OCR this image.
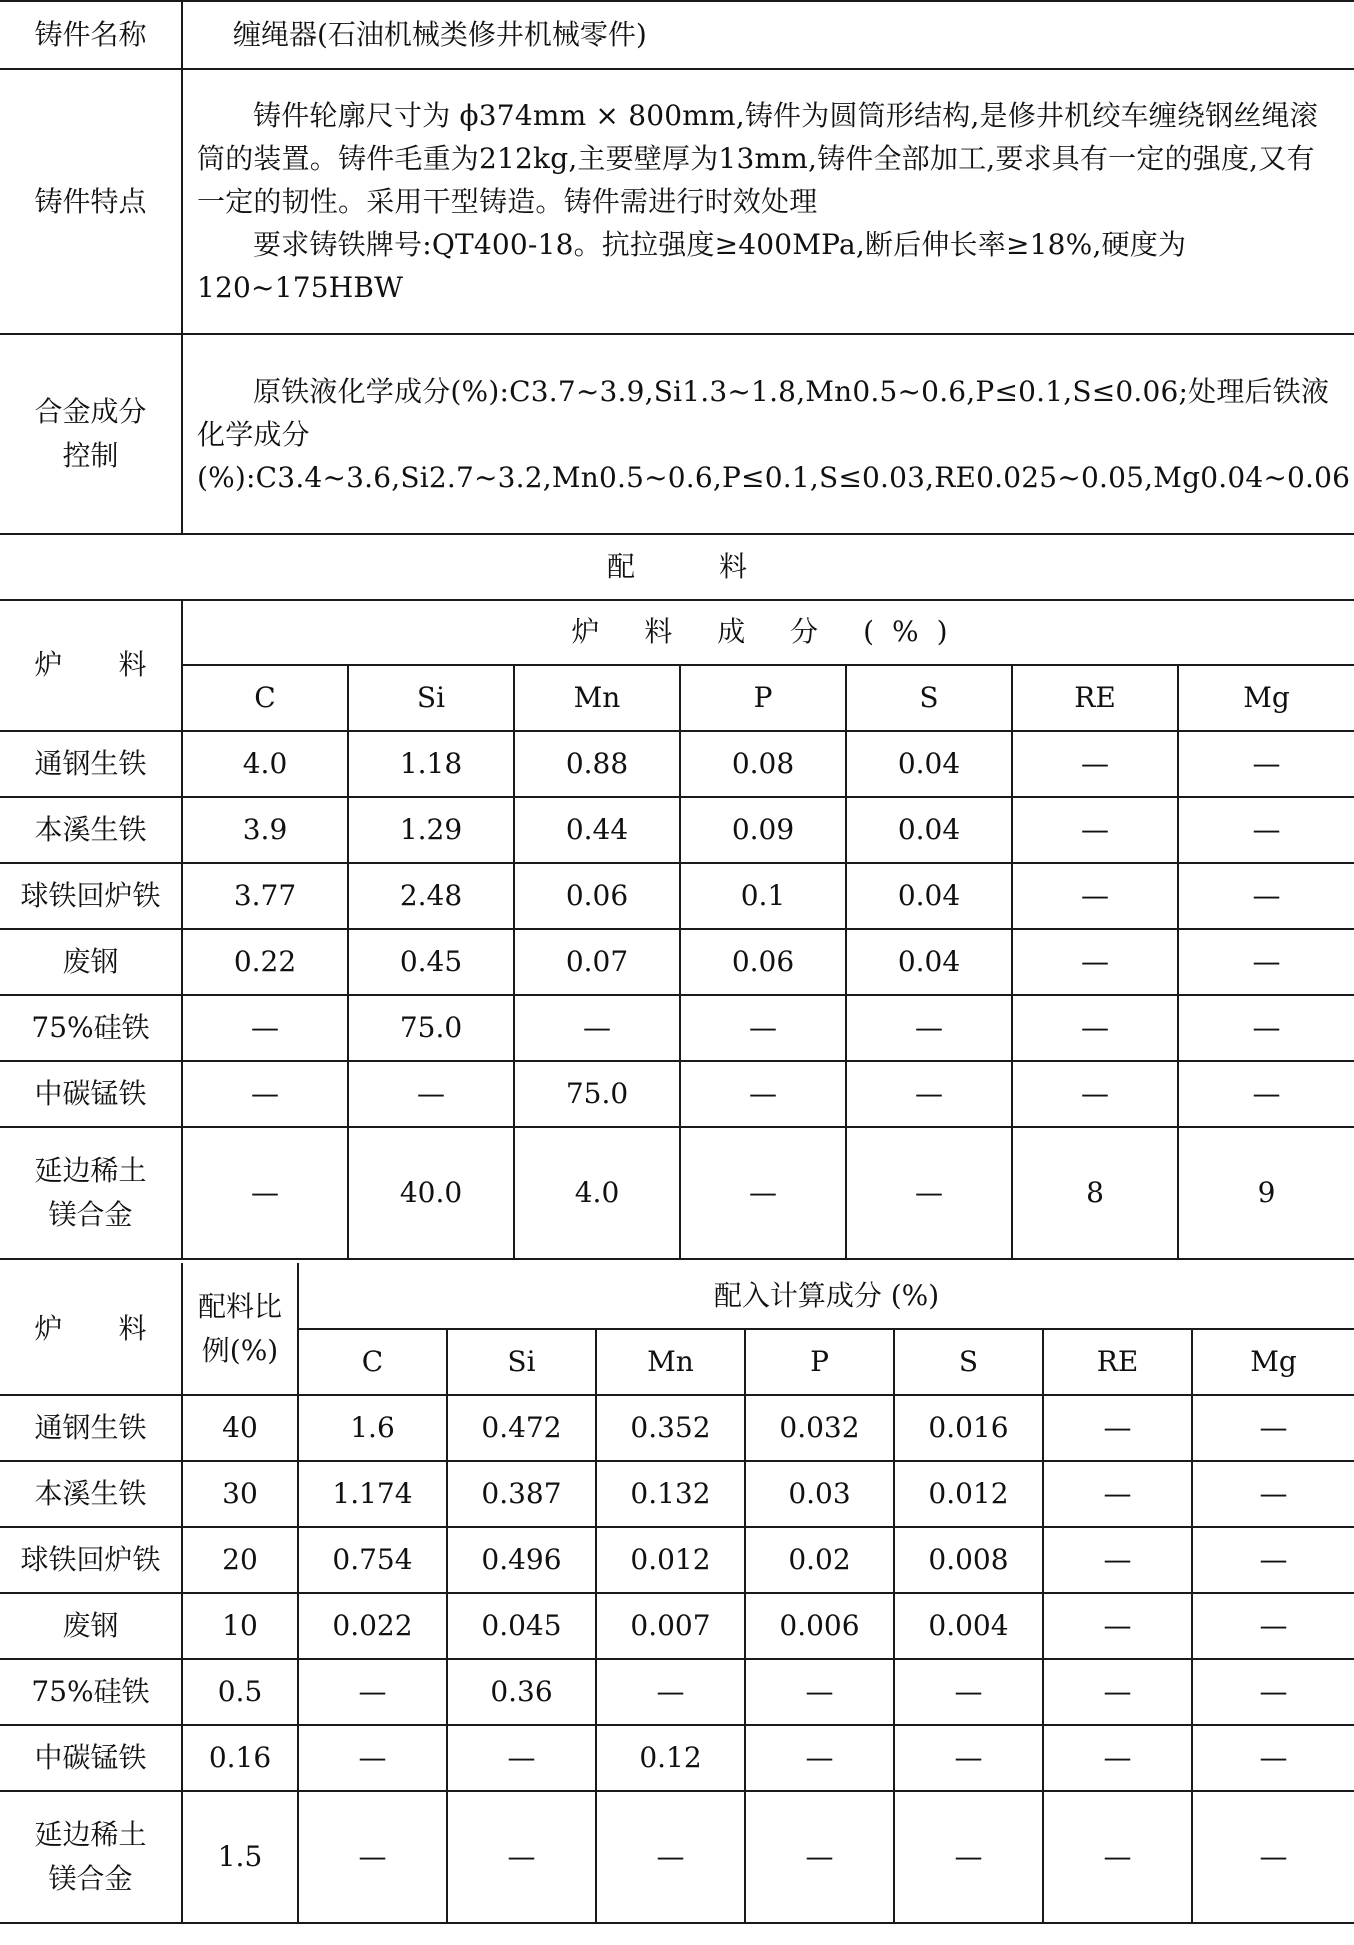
铸件名称	缠绳器(石油机械类修井机械零件)
铸件特点	铸件轮廓尺寸为 ϕ374mm × 800mm,铸件为圆筒形结构,是修井机绞车缠绕钢丝绳滚筒的装置。铸件毛重为212kg,主要壁厚为13mm,铸件全部加工,要求具有一定的强度,又有一定的韧性。采用干型铸造。铸件需进行时效处理

要求铸铁牌号:QT400-18。抗拉强度≥400MPa,断后伸长率≥18%,硬度为120~175HBW

合金成分
控制	原铁液化学成分(%):C3.7~3.9,Si1.3~1.8,Mn0.5~0.6,P≤0.1,S≤0.06;处理后铁液化学成分(%):C3.4~3.6,Si2.7~3.2,Mn0.5~0.6,P≤0.1,S≤0.03,RE0.025~0.05,Mg0.04~0.06

配　　　料	
炉　　料	炉 料 成 分 (%)						
	C	Si	Mn	P	S	RE	Mg
通钢生铁	4.0	1.18	0.88	0.08	0.04	—	—
本溪生铁	3.9	1.29	0.44	0.09	0.04	—	—
球铁回炉铁	3.77	2.48	0.06	0.1	0.04	—	—
废钢	0.22	0.45	0.07	0.06	0.04	—	—
75%硅铁	—	75.0	—	—	—	—	—
中碳锰铁	—	—	75.0	—	—	—	—
延边稀土
镁合金	—	40.0	4.0	—	—	8	9
炉　　料	配料比
例(%)	配入计算成分 (%)						
		C	Si	Mn	P	S	RE	Mg
通钢生铁	40	1.6	0.472	0.352	0.032	0.016	—	—
本溪生铁	30	1.174	0.387	0.132	0.03	0.012	—	—
球铁回炉铁	20	0.754	0.496	0.012	0.02	0.008	—	—
废钢	10	0.022	0.045	0.007	0.006	0.004	—	—
75%硅铁	0.5	—	0.36	—	—	—	—	—
中碳锰铁	0.16	—	—	0.12	—	—	—	—
延边稀土
镁合金	1.5	—	—	—	—	—	—	—
